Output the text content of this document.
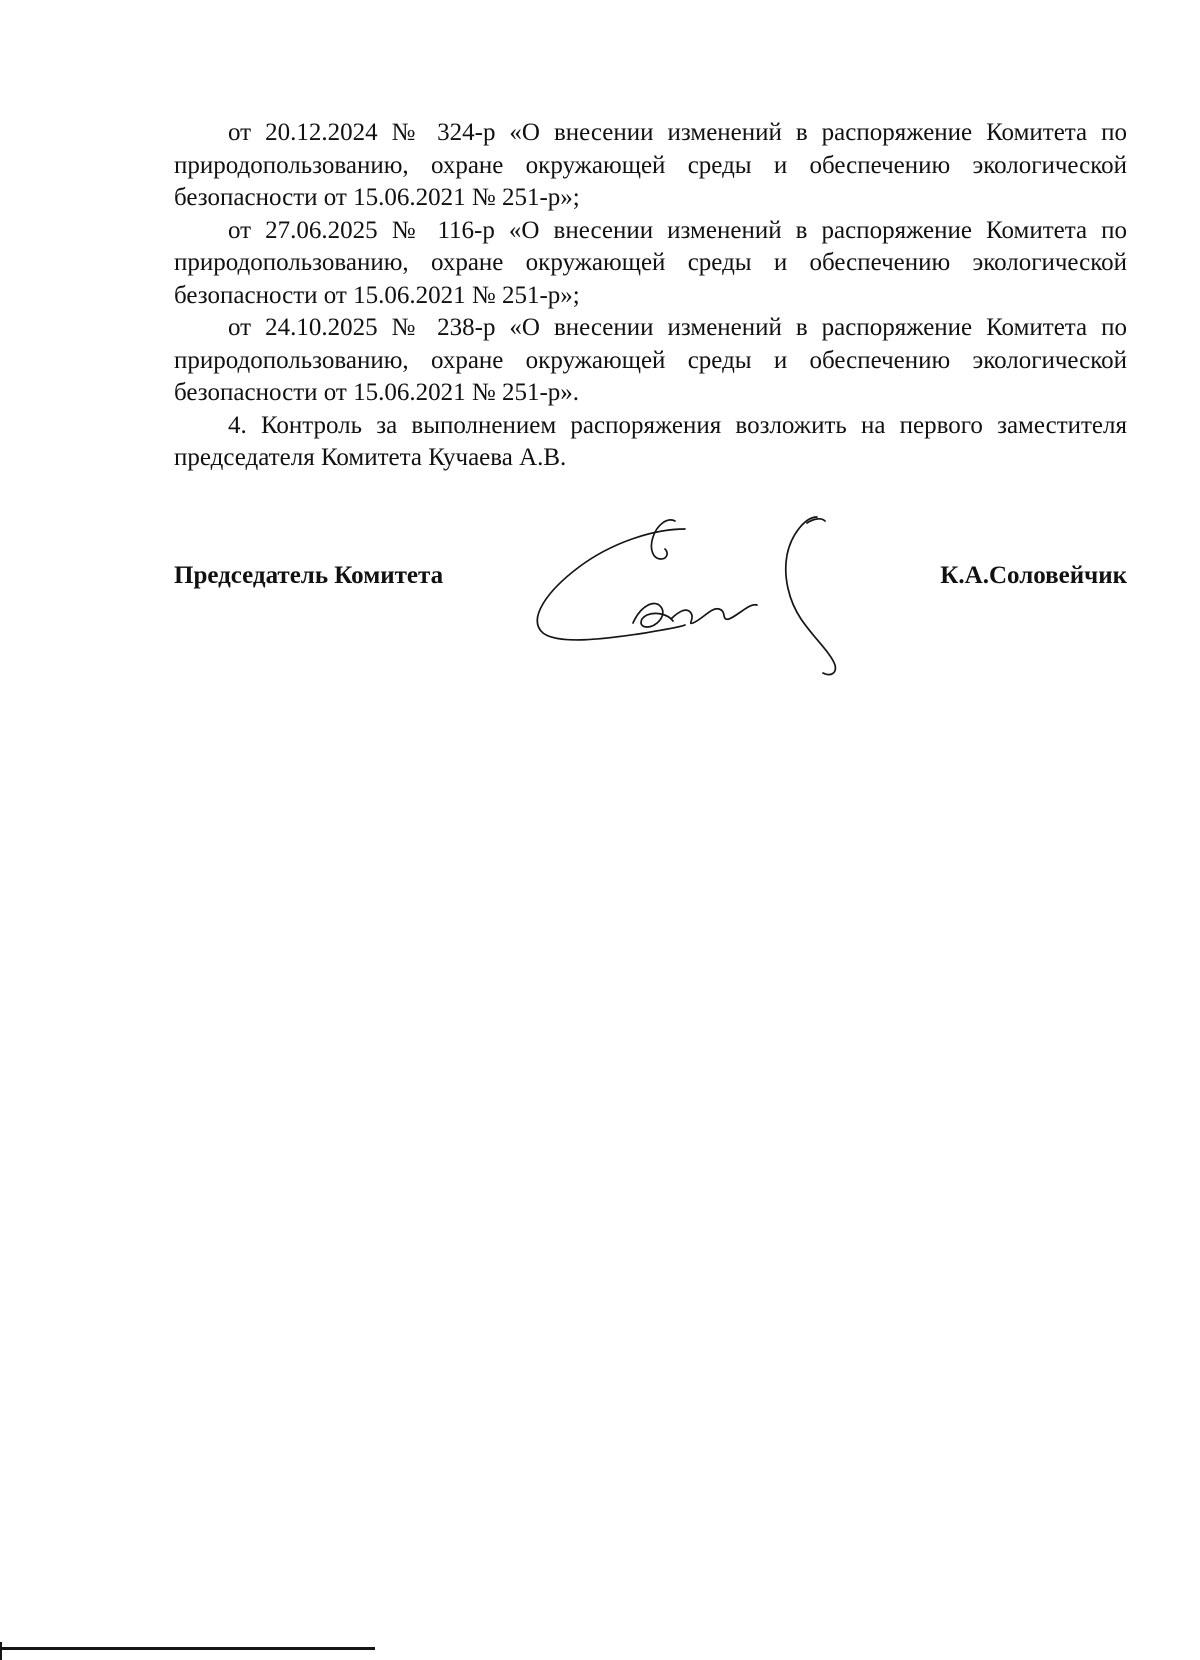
от 20.12.2024 № 324-р «О внесении изменений в распоряжение Комитета по природопользованию, охране окружающей среды и обеспечению экологической безопасности от 15.06.2021 № 251-р»;

от 27.06.2025 № 116-р «О внесении изменений в распоряжение Комитета по природопользованию, охране окружающей среды и обеспечению экологической безопасности от 15.06.2021 № 251-р»;

от 24.10.2025 № 238-р «О внесении изменений в распоряжение Комитета по природопользованию, охране окружающей среды и обеспечению экологической безопасности от 15.06.2021 № 251-р».

4. Контроль за выполнением распоряжения возложить на первого заместителя председателя Комитета Кучаева А.В.

Председатель Комитета	К.А.Соловейчик
